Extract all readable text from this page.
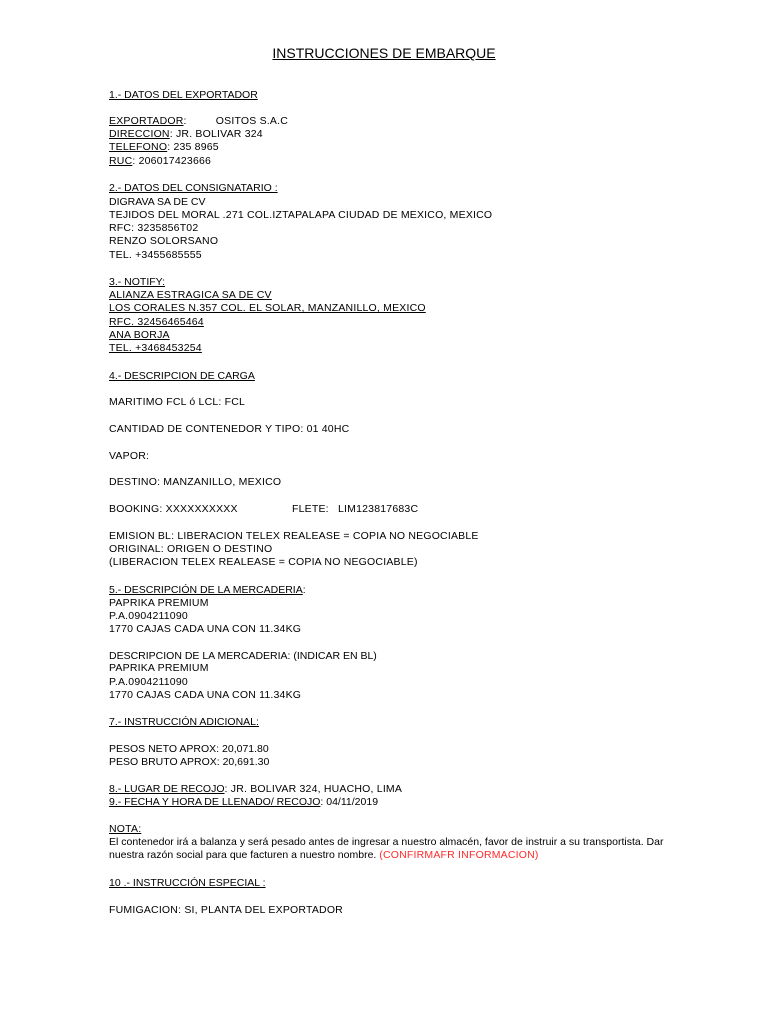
INSTRUCCIONES DE EMBARQUE
1.- DATOS DEL EXPORTADOR
EXPORTADOR:	OSITOS S.A.C
DIRECCION: JR. BOLIVAR 324
TELEFONO: 235 8965
RUC: 206017423666
2.- DATOS DEL CONSIGNATARIO :
DIGRAVA SA DE CV
TEJIDOS DEL MORAL .271 COL.IZTAPALAPA CIUDAD DE MEXICO, MEXICO
RFC: 3235856T02
RENZO SOLORSANO
TEL. +3455685555
3.- NOTIFY:
ALIANZA ESTRAGICA SA DE CV
LOS CORALES N.357 COL. EL SOLAR, MANZANILLO, MEXICO
RFC. 32456465464
ANA BORJA
TEL. +3468453254
4.- DESCRIPCION DE CARGA
MARITIMO FCL ó LCL: FCL
CANTIDAD DE CONTENEDOR Y TIPO: 01 40HC
VAPOR:
DESTINO: MANZANILLO, MEXICO
BOOKING: XXXXXXXXXX	FLETE: LIM123817683C
EMISION BL: LIBERACION TELEX REALEASE = COPIA NO NEGOCIABLE
ORIGINAL: ORIGEN O DESTINO
(LIBERACION TELEX REALEASE = COPIA NO NEGOCIABLE)
5.- DESCRIPCIÓN DE LA MERCADERIA:
PAPRIKA PREMIUM
P.A.0904211090
1770 CAJAS CADA UNA CON 11.34KG
DESCRIPCION DE LA MERCADERIA: (INDICAR EN BL)
PAPRIKA PREMIUM
P.A.0904211090
1770 CAJAS CADA UNA CON 11.34KG
7.- INSTRUCCIÓN ADICIONAL:
PESOS NETO APROX: 20,071.80
PESO BRUTO APROX: 20,691.30
8.- LUGAR DE RECOJO: JR. BOLIVAR 324, HUACHO, LIMA
9.- FECHA Y HORA DE LLENADO/ RECOJO: 04/11/2019
NOTA:
El contenedor irá a balanza y será pesado antes de ingresar a nuestro almacén, favor de instruir a su transportista. Dar nuestra razón social para que facturen a nuestro nombre. (CONFIRMAFR INFORMACION)
10 .- INSTRUCCIÓN ESPECIAL :
FUMIGACION: SI, PLANTA DEL EXPORTADOR
